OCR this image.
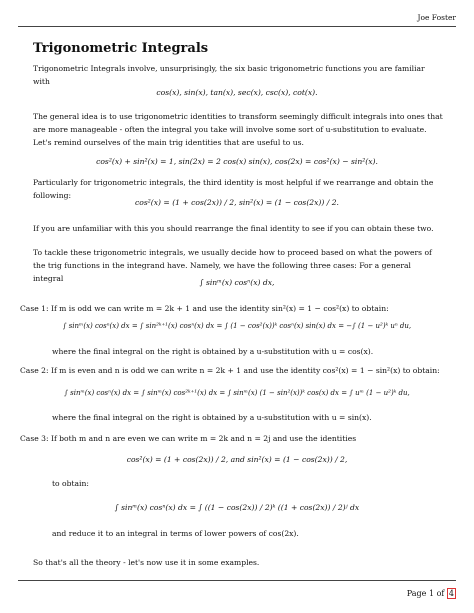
Joe Foster
Trigonometric Integrals
Trigonometric Integrals involve, unsurprisingly, the six basic trigonometric functions you are familiar with
cos(x), sin(x), tan(x), sec(x), csc(x), cot(x).
The general idea is to use trigonometric identities to transform seemingly difficult integrals into ones that are more manageable - often the integral you take will involve some sort of u-substitution to evaluate. Let's remind ourselves of the main trig identities that are useful to us.
cos²(x) + sin²(x) = 1, sin(2x) = 2 cos(x) sin(x), cos(2x) = cos²(x) − sin²(x).
Particularly for trigonometric integrals, the third identity is most helpful if we rearrange and obtain the following:
cos²(x) = (1 + cos(2x)) / 2, sin²(x) = (1 − cos(2x)) / 2.
If you are unfamiliar with this you should rearrange the final identity to see if you can obtain these two.
To tackle these trigonometric integrals, we usually decide how to proceed based on what the powers of the trig functions in the integrand have. Namely, we have the following three cases: For a general integral	∫ sinᵐ(x) cosⁿ(x) dx,
Case 1: If m is odd we can write m = 2k + 1 and use the identity sin²(x) = 1 − cos²(x) to obtain:
∫ sinᵐ(x) cosⁿ(x) dx = ∫ sin²ᵏ⁺¹(x) cosⁿ(x) dx = ∫ (1 − cos²(x))ᵏ cosⁿ(x) sin(x) dx = −∫ (1 − u²)ᵏ uⁿ du,
where the final integral on the right is obtained by a u-substitution with u = cos(x).
Case 2: If m is even and n is odd we can write n = 2k + 1 and use the identity cos²(x) = 1 − sin²(x) to obtain:
∫ sinᵐ(x) cosⁿ(x) dx = ∫ sinᵐ(x) cos²ᵏ⁺¹(x) dx = ∫ sinᵐ(x) (1 − sin²(x))ᵏ cos(x) dx = ∫ uᵐ (1 − u²)ᵏ du,
where the final integral on the right is obtained by a u-substitution with u = sin(x).
Case 3: If both m and n are even we can write m = 2k and n = 2j and use the identities
cos²(x) = (1 + cos(2x)) / 2, and sin²(x) = (1 − cos(2x)) / 2,
to obtain:
∫ sinᵐ(x) cosⁿ(x) dx = ∫ ((1 − cos(2x)) / 2)ᵏ ((1 + cos(2x)) / 2)ʲ dx
and reduce it to an integral in terms of lower powers of cos(2x).
So that's all the theory - let's now use it in some examples.
Page 1 of 4
